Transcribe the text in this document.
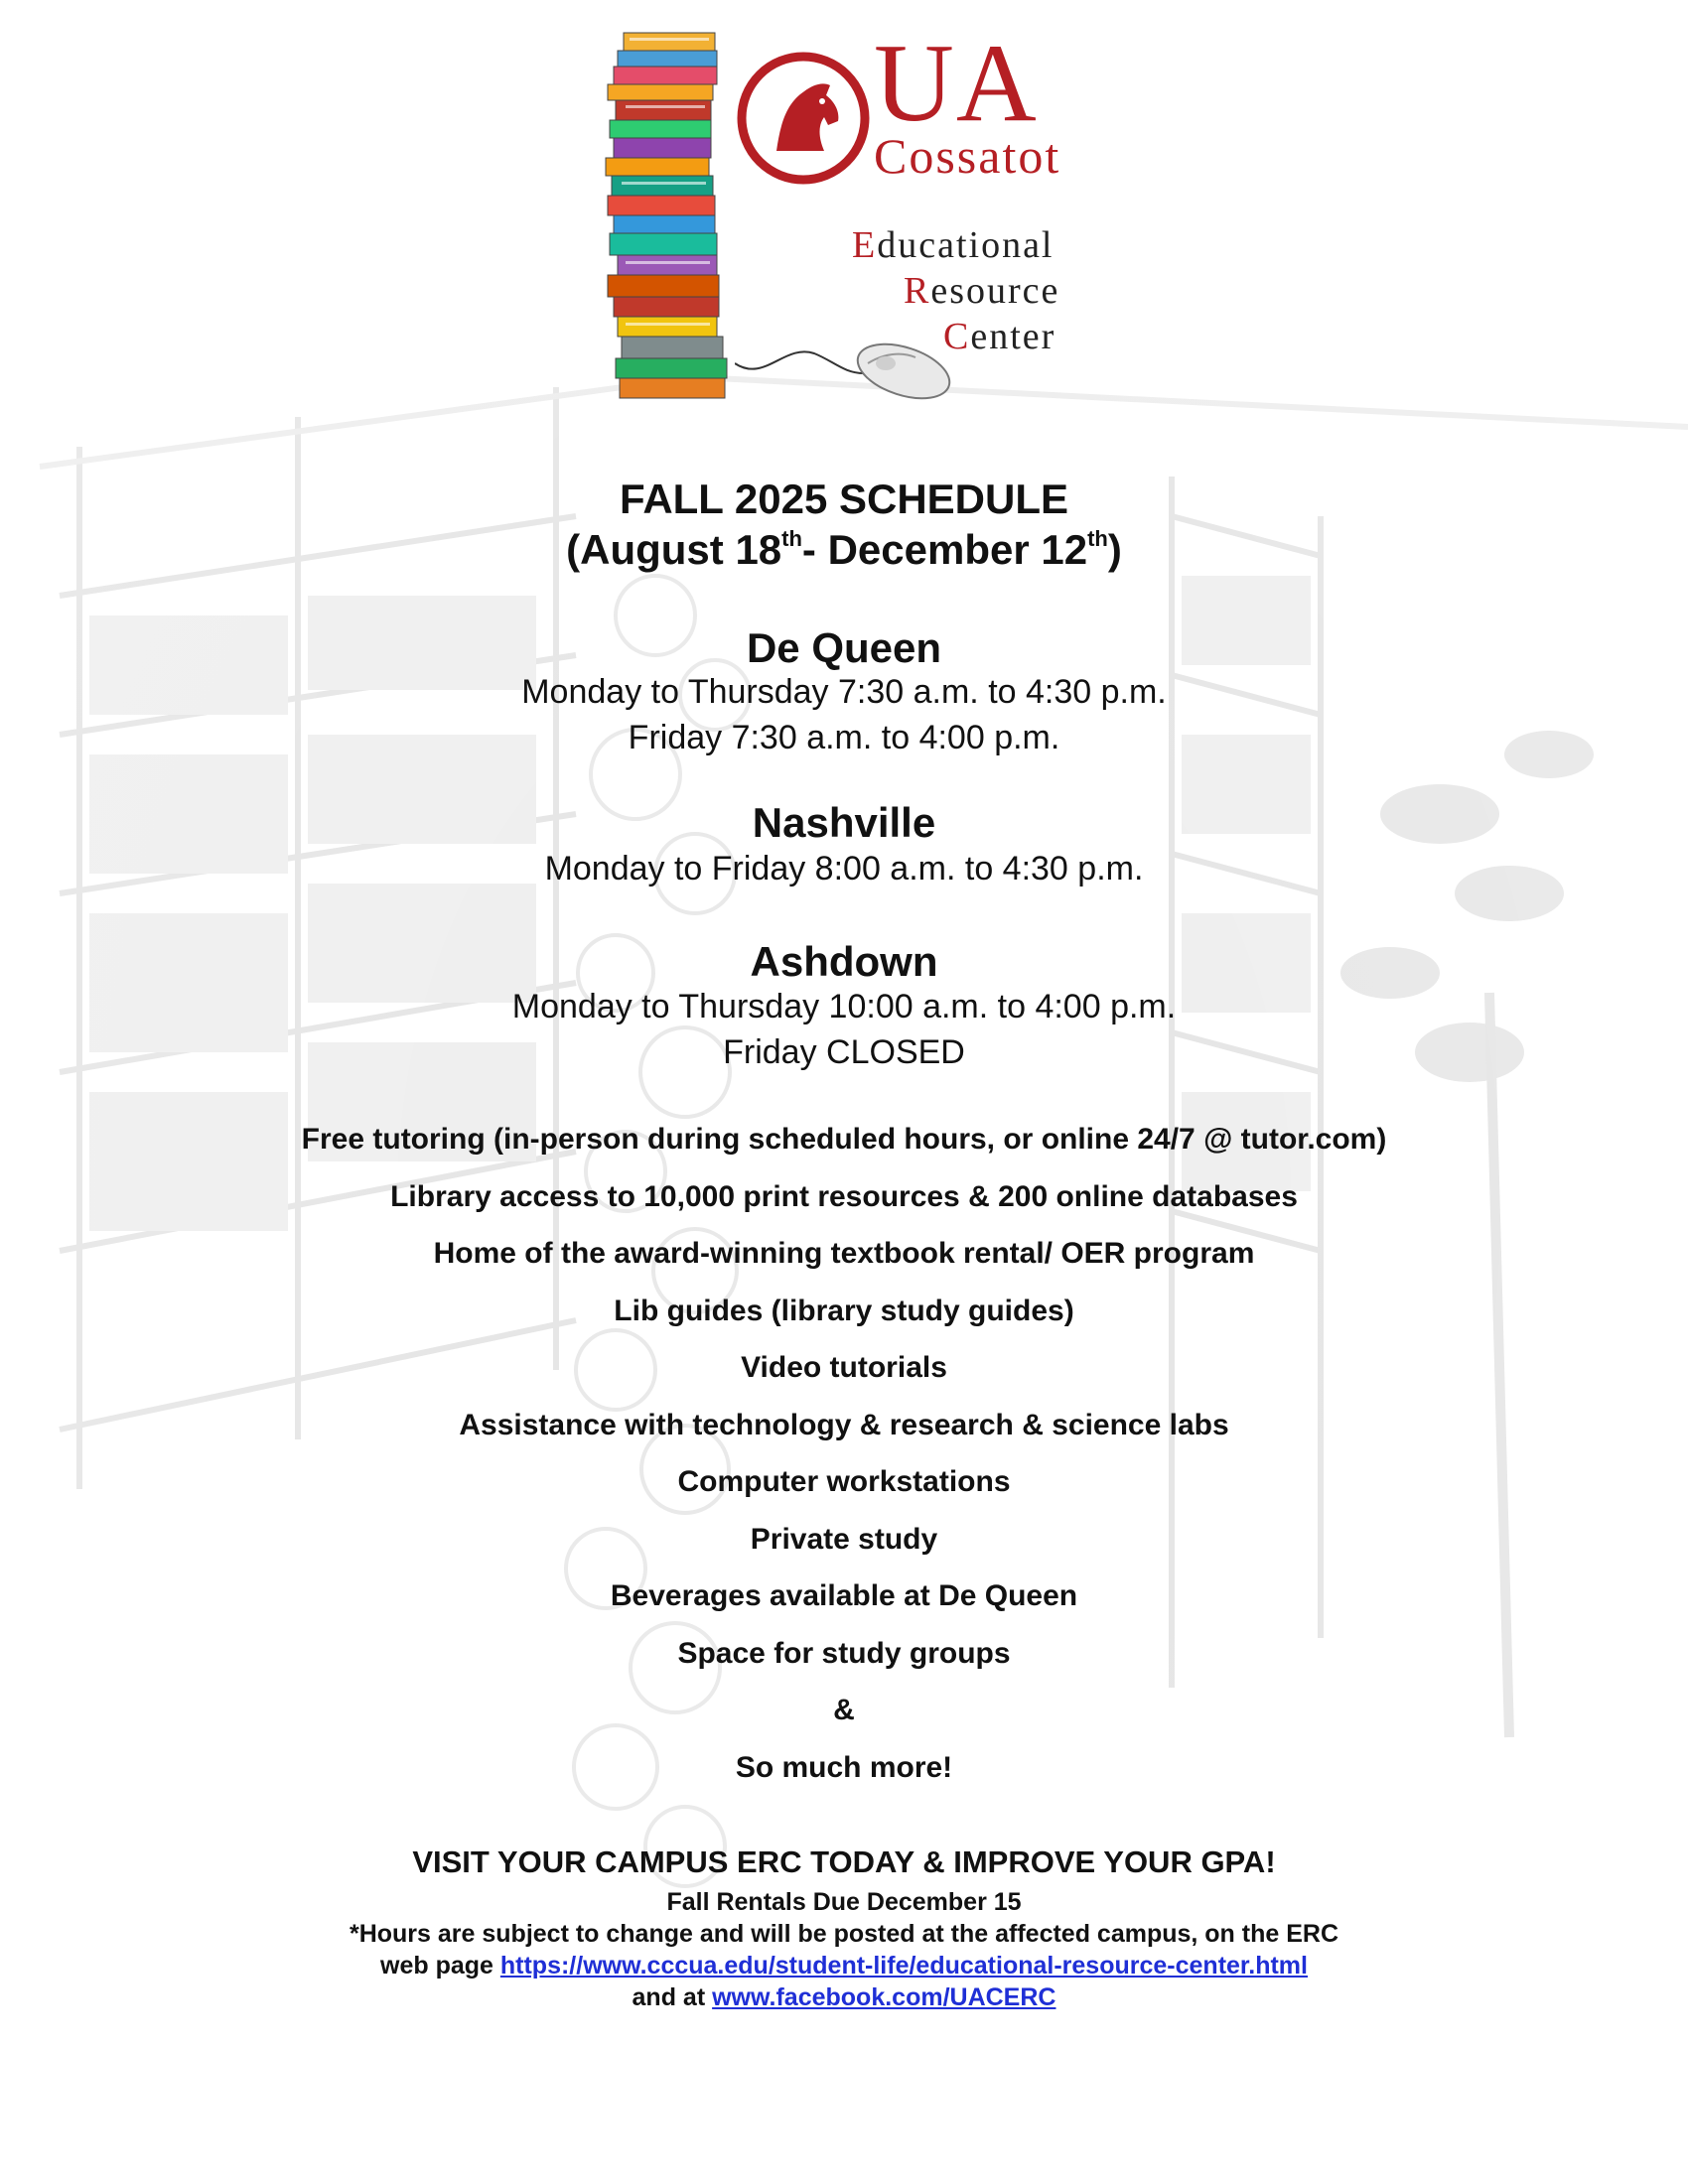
UA
Cossatot
Educational
Resource
Center
FALL 2025 SCHEDULE
(August 18th- December 12th)
De Queen
Monday to Thursday 7:30 a.m. to 4:30 p.m.
Friday 7:30 a.m. to 4:00 p.m.
Nashville
Monday to Friday 8:00 a.m. to 4:30 p.m.
Ashdown
Monday to Thursday 10:00 a.m. to 4:00 p.m.
Friday CLOSED
Free tutoring (in-person during scheduled hours, or online 24/7 @ tutor.com)
Library access to 10,000 print resources & 200 online databases
Home of the award-winning textbook rental/ OER program
Lib guides (library study guides)
Video tutorials
Assistance with technology & research & science labs
Computer workstations
Private study
Beverages available at De Queen
Space for study groups
&
So much more!
VISIT YOUR CAMPUS ERC TODAY & IMPROVE YOUR GPA!
Fall Rentals Due December 15
*Hours are subject to change and will be posted at the affected campus, on the ERC
web page https://www.cccua.edu/student-life/educational-resource-center.html
and at www.facebook.com/UACERC
